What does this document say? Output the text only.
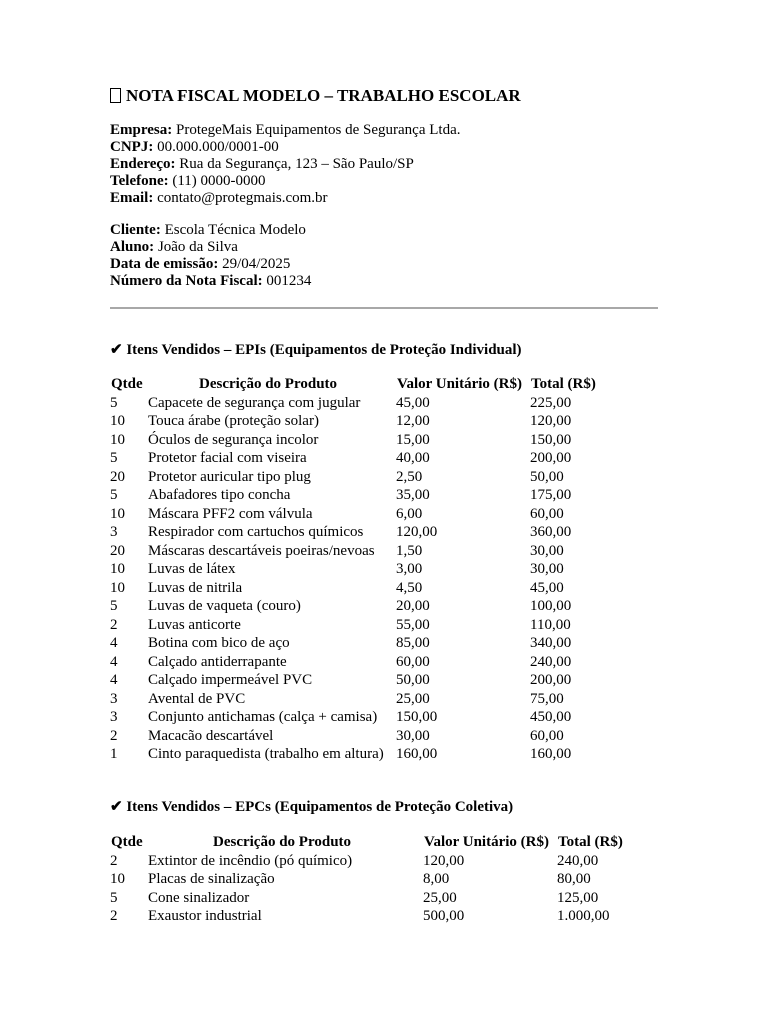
NOTA FISCAL MODELO – TRABALHO ESCOLAR
Empresa: ProtegeMais Equipamentos de Segurança Ltda.
CNPJ: 00.000.000/0001-00
Endereço: Rua da Segurança, 123 – São Paulo/SP
Telefone: (11) 0000-0000
Email: contato@protegmais.com.br
Cliente: Escola Técnica Modelo
Aluno: João da Silva
Data de emissão: 29/04/2025
Número da Nota Fiscal: 001234
✔ Itens Vendidos – EPIs (Equipamentos de Proteção Individual)
Qtde	Descrição do Produto	Valor Unitário (R$) Total (R$)
5 Capacete de segurança com jugular 45,00	225,00
10 Touca árabe (proteção solar)	12,00	120,00
10 Óculos de segurança incolor	15,00	150,00
5 Protetor facial com viseira	40,00	200,00
20 Protetor auricular tipo plug	2,50	50,00
5 Abafadores tipo concha	35,00	175,00
10 Máscara PFF2 com válvula	6,00	60,00
3 Respirador com cartuchos químicos 120,00	360,00
20 Máscaras descartáveis poeiras/nevoas 1,50	30,00
10 Luvas de látex	3,00	30,00
10 Luvas de nitrila	4,50	45,00
5 Luvas de vaqueta (couro)	20,00	100,00
2 Luvas anticorte	55,00	110,00
4 Botina com bico de aço	85,00	340,00
4 Calçado antiderrapante	60,00	240,00
4 Calçado impermeável PVC	50,00	200,00
3 Avental de PVC	25,00	75,00
3 Conjunto antichamas (calça + camisa) 150,00	450,00
2 Macacão descartável	30,00	60,00
1 Cinto paraquedista (trabalho em altura) 160,00	160,00
✔ Itens Vendidos – EPCs (Equipamentos de Proteção Coletiva)
Qtde	Descrição do Produto	Valor Unitário (R$) Total (R$)
2 Extintor de incêndio (pó químico)	120,00	240,00
10 Placas de sinalização	8,00	80,00
5 Cone sinalizador	25,00	125,00
2 Exaustor industrial	500,00	1.000,00
